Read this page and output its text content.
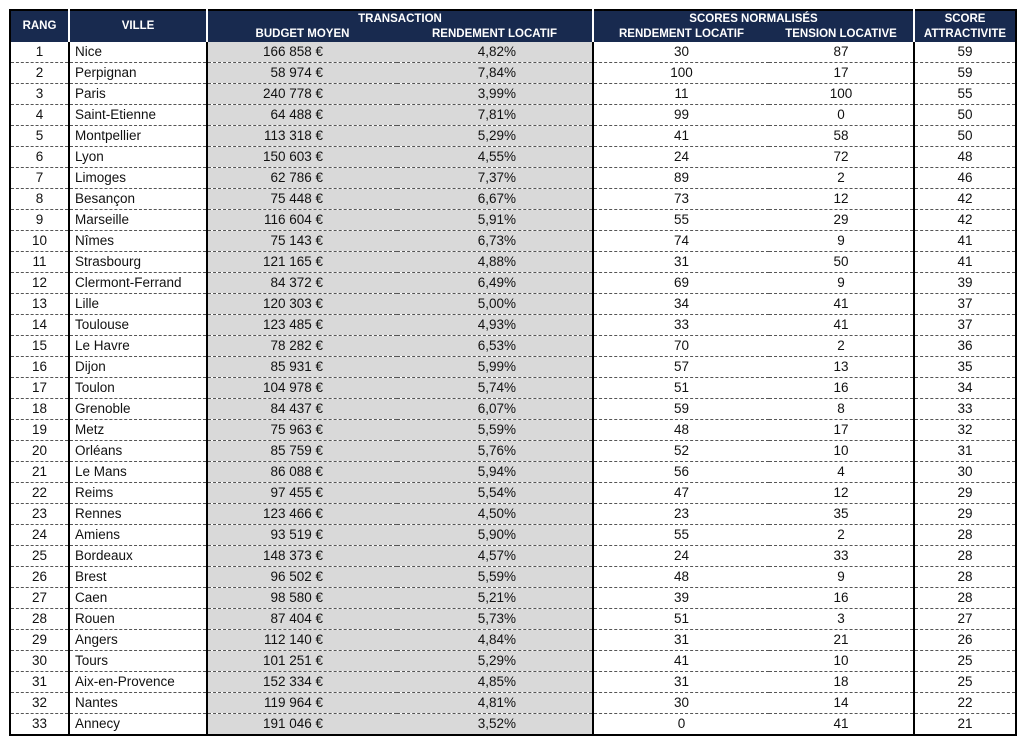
RANG	VILLE	TRANSACTION		SCORES NORMALISÉS		SCORE
		BUDGET MOYEN	RENDEMENT LOCATIF	RENDEMENT LOCATIF	TENSION LOCATIVE	ATTRACTIVITE
1	Nice	166 858 €	4,82%	30	87	59
2	Perpignan	58 974 €	7,84%	100	17	59
3	Paris	240 778 €	3,99%	11	100	55
4	Saint-Etienne	64 488 €	7,81%	99	0	50
5	Montpellier	113 318 €	5,29%	41	58	50
6	Lyon	150 603 €	4,55%	24	72	48
7	Limoges	62 786 €	7,37%	89	2	46
8	Besançon	75 448 €	6,67%	73	12	42
9	Marseille	116 604 €	5,91%	55	29	42
10	Nîmes	75 143 €	6,73%	74	9	41
11	Strasbourg	121 165 €	4,88%	31	50	41
12	Clermont-Ferrand	84 372 €	6,49%	69	9	39
13	Lille	120 303 €	5,00%	34	41	37
14	Toulouse	123 485 €	4,93%	33	41	37
15	Le Havre	78 282 €	6,53%	70	2	36
16	Dijon	85 931 €	5,99%	57	13	35
17	Toulon	104 978 €	5,74%	51	16	34
18	Grenoble	84 437 €	6,07%	59	8	33
19	Metz	75 963 €	5,59%	48	17	32
20	Orléans	85 759 €	5,76%	52	10	31
21	Le Mans	86 088 €	5,94%	56	4	30
22	Reims	97 455 €	5,54%	47	12	29
23	Rennes	123 466 €	4,50%	23	35	29
24	Amiens	93 519 €	5,90%	55	2	28
25	Bordeaux	148 373 €	4,57%	24	33	28
26	Brest	96 502 €	5,59%	48	9	28
27	Caen	98 580 €	5,21%	39	16	28
28	Rouen	87 404 €	5,73%	51	3	27
29	Angers	112 140 €	4,84%	31	21	26
30	Tours	101 251 €	5,29%	41	10	25
31	Aix-en-Provence	152 334 €	4,85%	31	18	25
32	Nantes	119 964 €	4,81%	30	14	22
33	Annecy	191 046 €	3,52%	0	41	21
